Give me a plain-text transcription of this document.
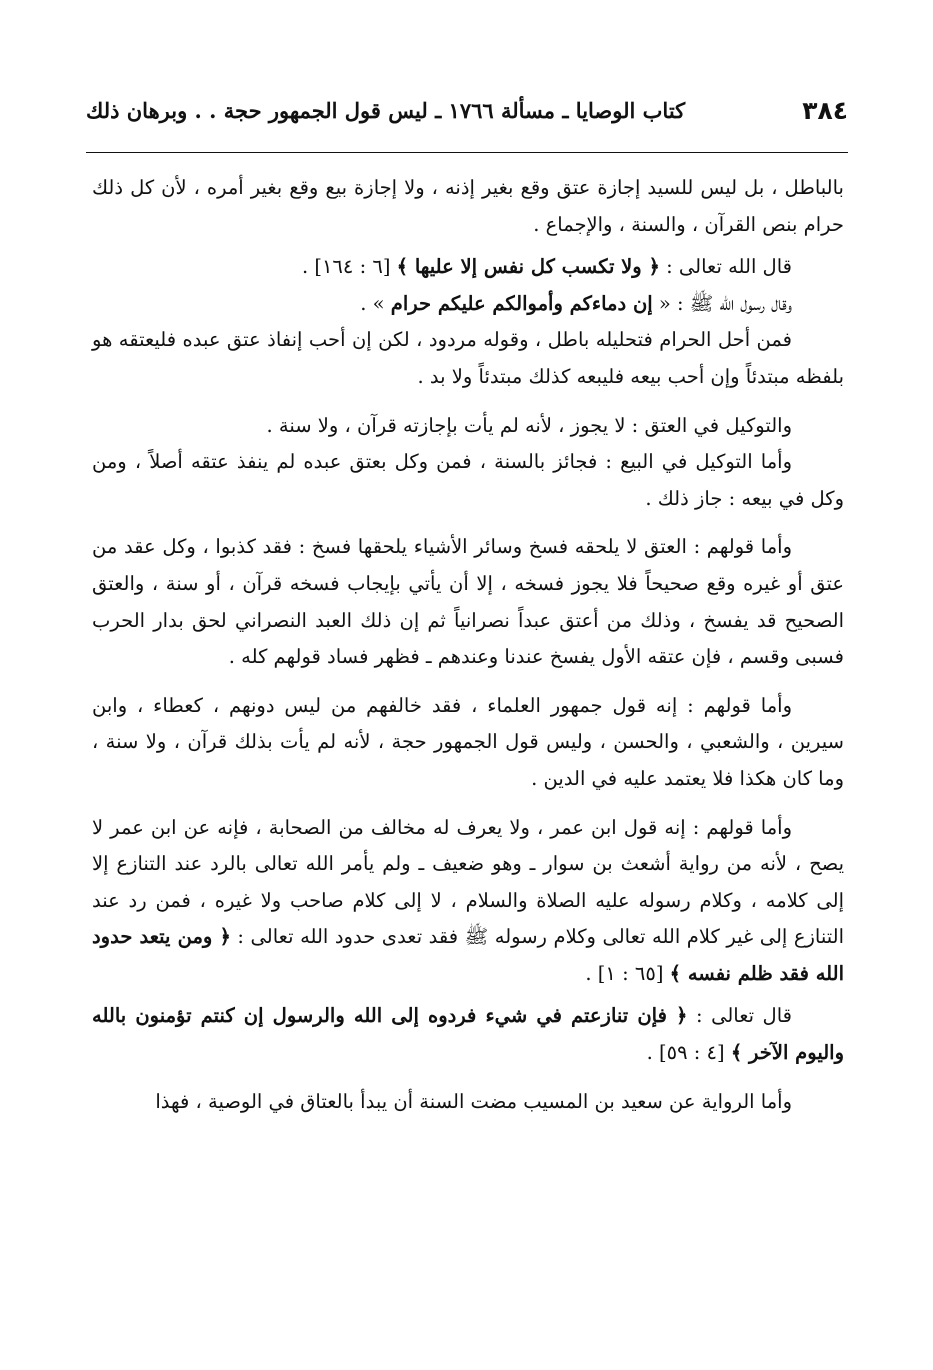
٣٨٤
كتاب الوصايا ـ مسألة ١٧٦٦ ـ ليس قول الجمهور حجة . . وبرهان ذلك

بالباطل ، بل ليس للسيد إجازة عتق وقع بغير إذنه ، ولا إجازة بيع وقع بغير أمره ، لأن كل ذلك حرام بنص القرآن ، والسنة ، والإجماع .

قال الله تعالى : ﴿ ولا تكسب كل نفس إلا عليها ﴾ [٦ : ١٦٤] .

وقال رسول الله ﷺ : « إن دماءكم وأموالكم عليكم حرام » .

فمن أحل الحرام فتحليله باطل ، وقوله مردود ، لكن إن أحب إنفاذ عتق عبده فليعتقه هو بلفظه مبتدئاً وإن أحب بيعه فليبعه كذلك مبتدئاً ولا بد .

والتوكيل في العتق : لا يجوز ، لأنه لم يأت بإجازته قرآن ، ولا سنة .

وأما التوكيل في البيع : فجائز بالسنة ، فمن وكل بعتق عبده لم ينفذ عتقه أصلاً ، ومن وكل في بيعه : جاز ذلك .

وأما قولهم : العتق لا يلحقه فسخ وسائر الأشياء يلحقها فسخ : فقد كذبوا ، وكل عقد من عتق أو غيره وقع صحيحاً فلا يجوز فسخه ، إلا أن يأتي بإيجاب فسخه قرآن ، أو سنة ، والعتق الصحيح قد يفسخ ، وذلك من أعتق عبداً نصرانياً ثم إن ذلك العبد النصراني لحق بدار الحرب فسبى وقسم ، فإن عتقه الأول يفسخ عندنا وعندهم ـ فظهر فساد قولهم كله .

وأما قولهم : إنه قول جمهور العلماء ، فقد خالفهم من ليس دونهم ، كعطاء ، وابن سيرين ، والشعبي ، والحسن ، وليس قول الجمهور حجة ، لأنه لم يأت بذلك قرآن ، ولا سنة ، وما كان هكذا فلا يعتمد عليه في الدين .

وأما قولهم : إنه قول ابن عمر ، ولا يعرف له مخالف من الصحابة ، فإنه عن ابن عمر لا يصح ، لأنه من رواية أشعث بن سوار ـ وهو ضعيف ـ ولم يأمر الله تعالى بالرد عند التنازع إلا إلى كلامه ، وكلام رسوله عليه الصلاة والسلام ، لا إلى كلام صاحب ولا غيره ، فمن رد عند التنازع إلى غير كلام الله تعالى وكلام رسوله ﷺ فقد تعدى حدود الله تعالى : ﴿ ومن يتعد حدود الله فقد ظلم نفسه ﴾ [٦٥ : ١] .

قال تعالى : ﴿ فإن تنازعتم في شيء فردوه إلى الله والرسول إن كنتم تؤمنون بالله واليوم الآخر ﴾ [٤ : ٥٩] .

وأما الرواية عن سعيد بن المسيب مضت السنة أن يبدأ بالعتاق في الوصية ، فهذا
